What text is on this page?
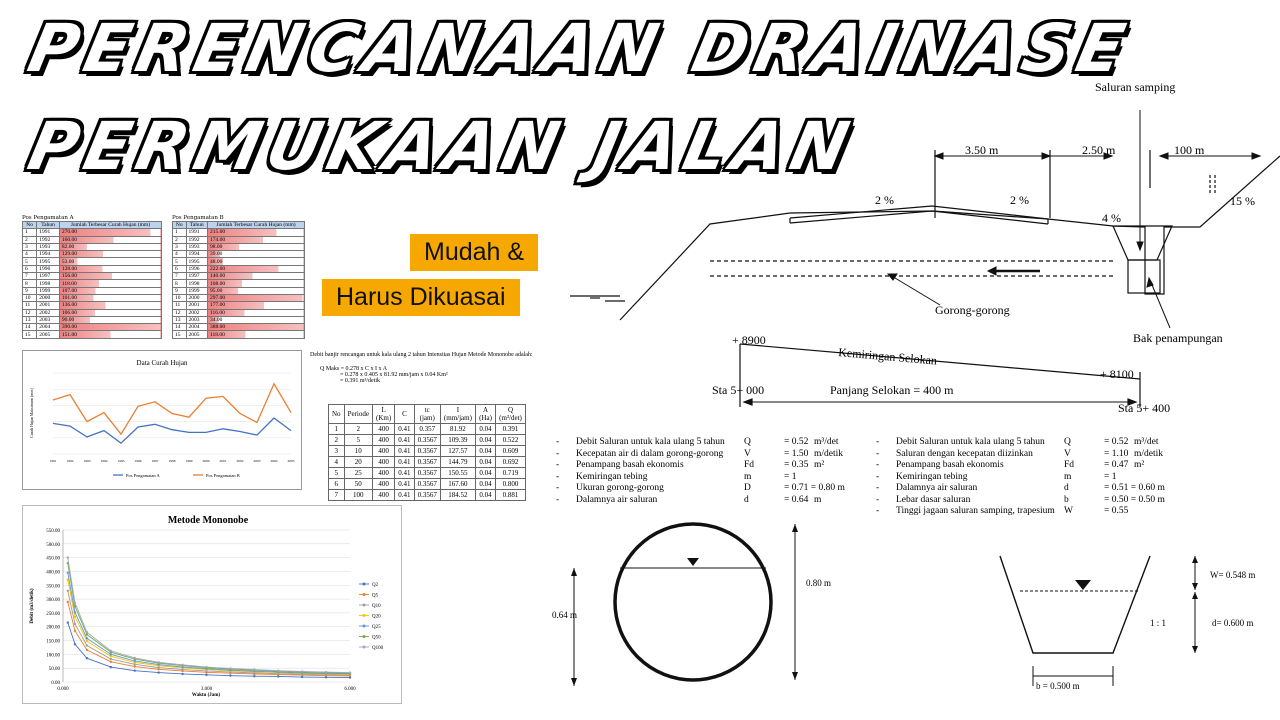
PERENCANAAN DRAINASE
PERMUKAAN JALAN
Mudah &
Harus Dikuasai
Pos Pengamatan A
No	Tahun	Jumlah Terbesar Curah Hujan (mm)
1	1991	270.00
2	1992	160.00
3	1993	82.00
4	1994	129.00
5	1995	53.00
6	1996	128.00
7	1997	156.00
8	1998	118.00
9	1999	107.00
10	2000	101.00
11	2001	136.00
12	2002	106.00
13	2003	90.00
14	2004	390.00
15	2005	151.00
Pos Pengamatan B
No	Tahun	Jumlah Terbesar Curah Hujan (mm)
1	1991	215.00
2	1992	174.00
3	1993	98.00
4	1994	39.00
5	1995	48.00
6	1996	222.00
7	1997	140.00
8	1998	108.00
9	1999	95.00
10	2000	297.00
11	2001	177.00
12	2002	116.00
13	2003	34.00
14	2004	388.00
15	2005	118.00
Data Curah Hujan
Curah Hujan Maksimum (mm)
1991	1992	1993	1994	1995	1996	1997	1998	1999	2000	2001	2002	2003	2004	2005
Pos Pengamatan A	Pos Pengamatan B
Metode Mononobe
Debit (m3/detik)
Waktu (Jam)
0.00
50.00
100.00
150.00
200.00
250.00
300.00
350.00
400.00
450.00
500.00
550.00
0.000	3.000	6.000
Q2
Q5
Q10
Q20
Q25
Q50
Q100
Debit banjir rencangan untuk kala ulang 2 tahun Intensitas Hujan Metode Mononobe adalah:
Q Maks = 0.278 x C x I x A
= 0.278 x 0.405 x 81.92 mm/jam x 0.04 Km²
= 0.391 m³/detik
No	Periode	L (Km)	C	tc (jam)	I (mm/jam)	A (Ha)	Q (m³/det)
1	2	400	0.41	0.357	81.92	0.04	0.391
2	5	400	0.41	0.3567	109.39	0.04	0.522
3	10	400	0.41	0.3567	127.57	0.04	0.609
4	20	400	0.41	0.3567	144.79	0.04	0.692
5	25	400	0.41	0.3567	150.55	0.04	0.719
6	50	400	0.41	0.3567	167.60	0.04	0.800
7	100	400	0.41	0.3567	184.52	0.04	0.881
Saluran samping
3.50 m	2.50 m	100 m
2 %	2 %
4 %
15 %
Gorong-gorong
Bak penampungan
+ 8900
+ 8100
Kemiringan Selokan
Panjang Selokan = 400 m
Sta 5+ 000
Sta 5+ 400
- Debit Saluran untuk kala ulang 5 tahun Q	= 0.52 m³/det
- Kecepatan air di dalam gorong-gorong V	= 1.50 m/detik
- Penampang basah ekonomis	Fd	= 0.35 m²
- Kemiringan tebing	m	= 1
- Ukuran gorong-gorong	D	= 0.71 = 0.80 m
- Dalamnya air saluran	d	= 0.64 m
- Debit Saluran untuk kala ulang 5 tahun Q	= 0.52 m³/det
- Saluran dengan kecepatan diizinkan	V	= 1.10 m/detik
- Penampang basah ekonomis	Fd	= 0.47 m²
- Kemiringan tebing	m	= 1
- Dalamnya air saluran	d	= 0.51 = 0.60 m
- Lebar dasar saluran	b	= 0.50 = 0.50 m
- Tinggi jagaan saluran samping, trapesium W	= 0.55
0.64 m
0.80 m
W= 0.548 m
d= 0.600 m
1 : 1
b = 0.500 m
